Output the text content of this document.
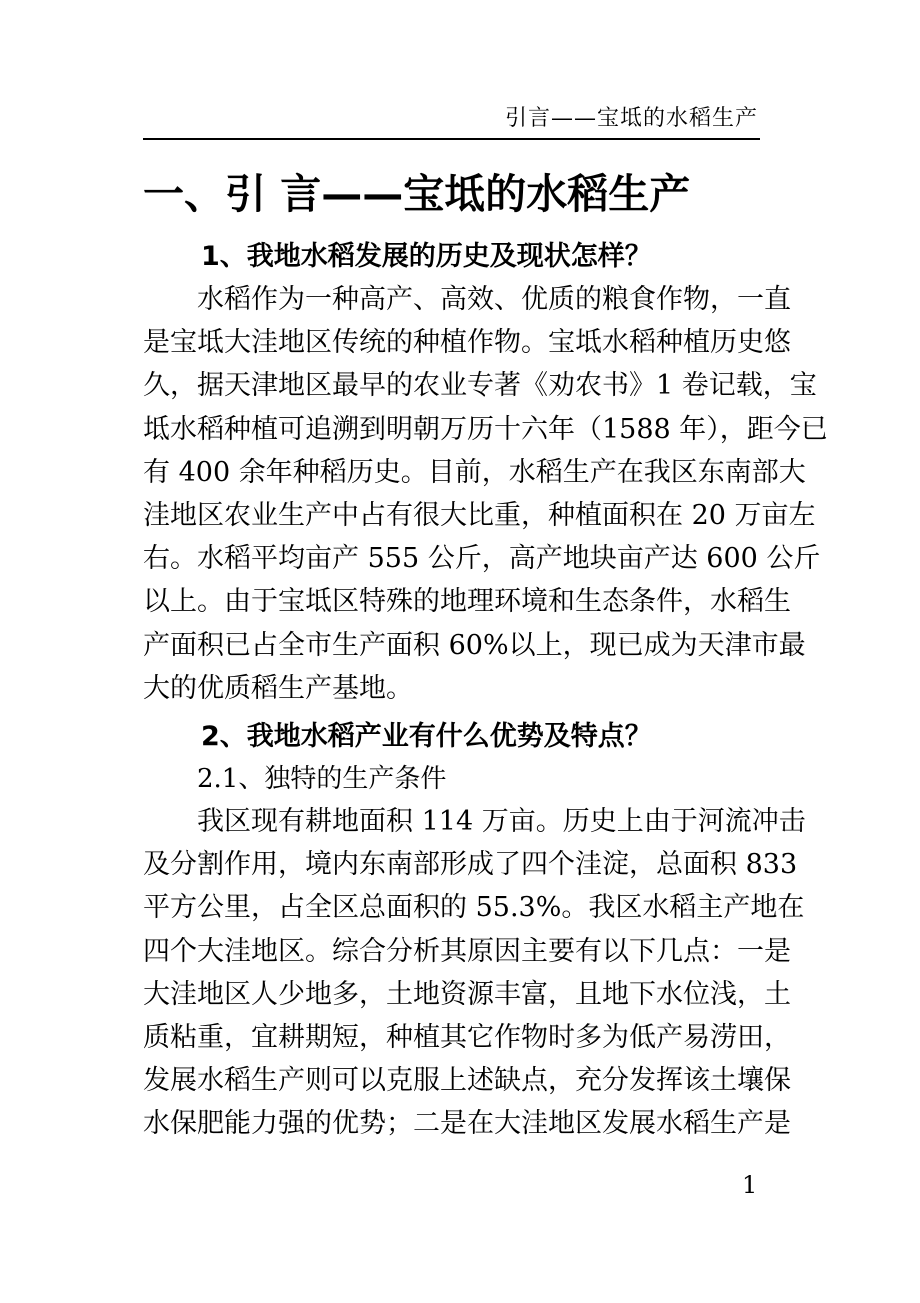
引言——宝坻的水稻生产
一、引 言——宝坻的水稻生产
1、我地水稻发展的历史及现状怎样？

水稻作为一种高产、高效、优质的粮食作物，一直

是宝坻大洼地区传统的种植作物。宝坻水稻种植历史悠

久，据天津地区最早的农业专著《劝农书》1 卷记载，宝

坻水稻种植可追溯到明朝万历十六年（1588 年），距今已

有 400 余年种稻历史。目前，水稻生产在我区东南部大

洼地区农业生产中占有很大比重，种植面积在 20 万亩左

右。水稻平均亩产 555 公斤，高产地块亩产达 600 公斤

以上。由于宝坻区特殊的地理环境和生态条件，水稻生

产面积已占全市生产面积 60%以上，现已成为天津市最

大的优质稻生产基地。

2、我地水稻产业有什么优势及特点？

2.1、独特的生产条件

我区现有耕地面积 114 万亩。历史上由于河流冲击

及分割作用，境内东南部形成了四个洼淀，总面积 833

平方公里，占全区总面积的 55.3%。我区水稻主产地在

四个大洼地区。综合分析其原因主要有以下几点：一是

大洼地区人少地多，土地资源丰富，且地下水位浅，土

质粘重，宜耕期短，种植其它作物时多为低产易涝田，

发展水稻生产则可以克服上述缺点，充分发挥该土壤保

水保肥能力强的优势；二是在大洼地区发展水稻生产是

1
